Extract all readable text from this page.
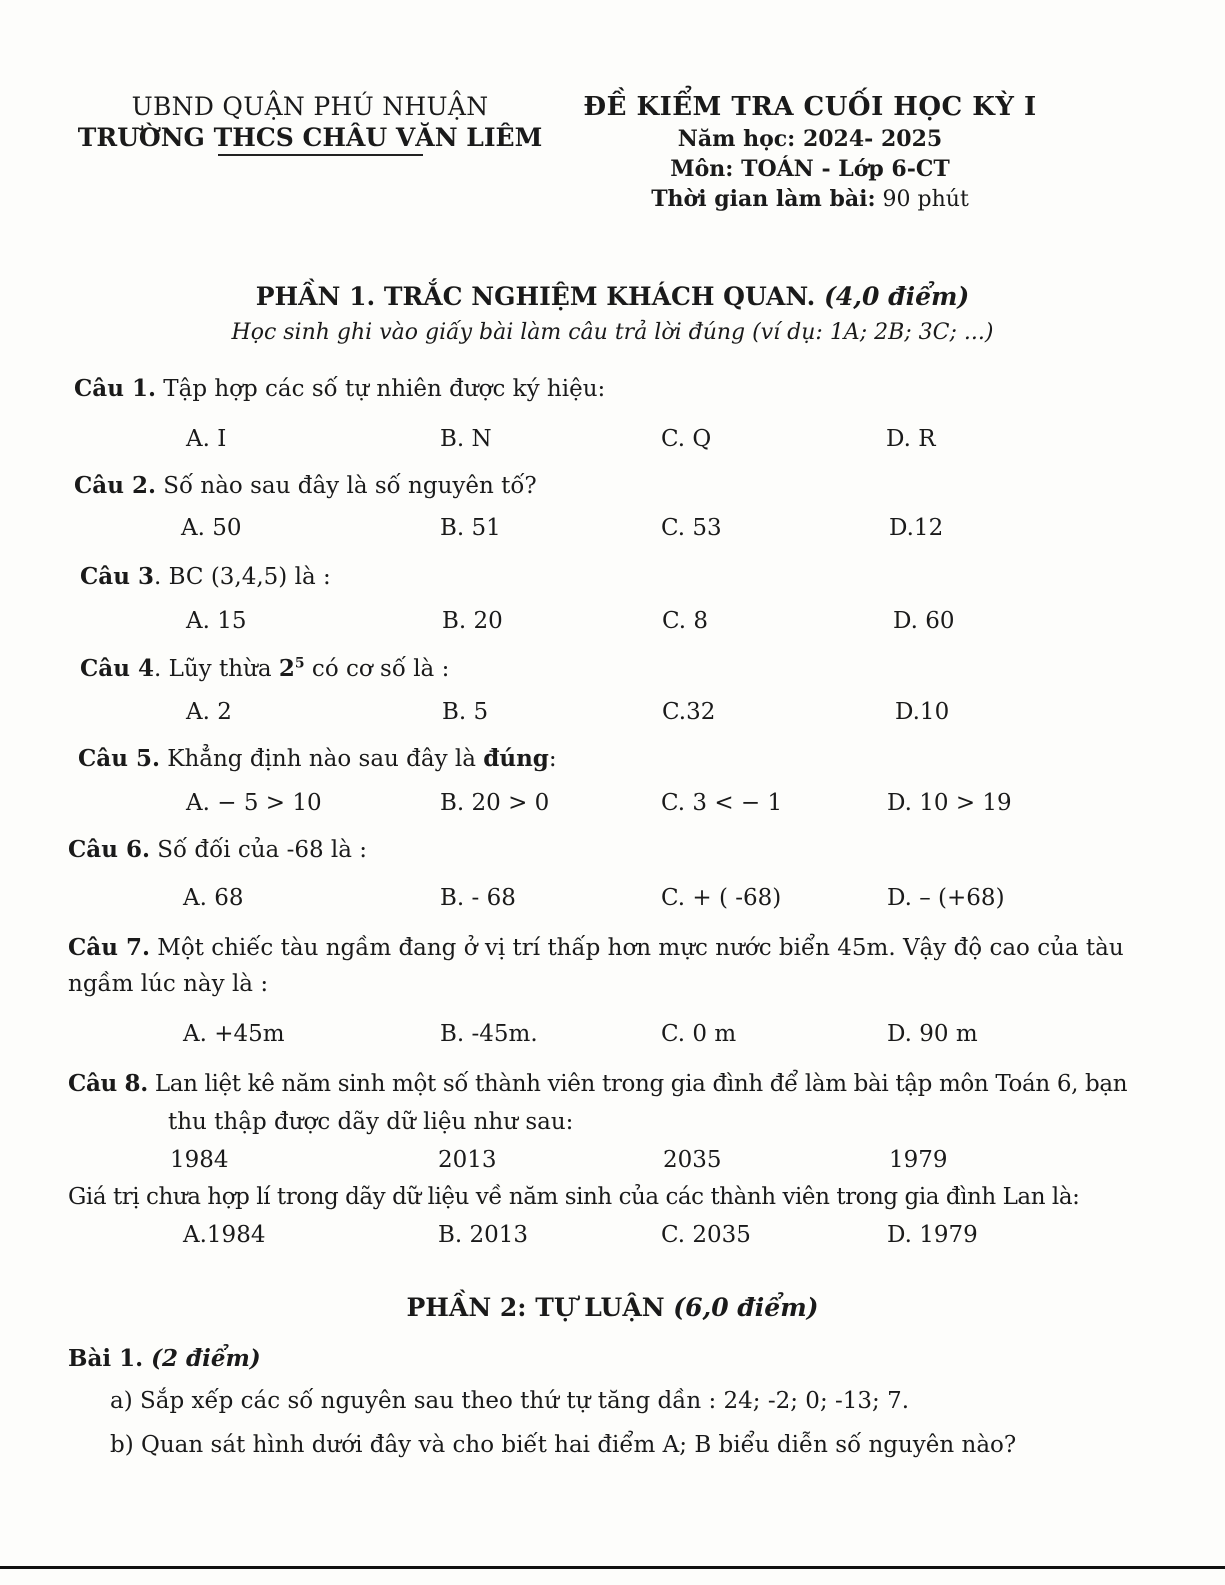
UBND QUẬN PHÚ NHUẬN
TRƯỜNG THCS CHÂU VĂN LIÊM
ĐỀ KIỂM TRA CUỐI HỌC KỲ I
Năm học: 2024- 2025
Môn: TOÁN - Lớp 6-CT
Thời gian làm bài: 90 phút
PHẦN 1. TRẮC NGHIỆM KHÁCH QUAN. (4,0 điểm)
Học sinh ghi vào giấy bài làm câu trả lời đúng (ví dụ: 1A; 2B; 3C; ...)
Câu 1. Tập hợp các số tự nhiên được ký hiệu:
A. I	B. N	C. Q	D. R
Câu 2. Số nào sau đây là số nguyên tố?
A. 50	B. 51	C. 53	D.12
Câu 3. BC (3,4,5) là :
A. 15	B. 20	C. 8	D. 60
Câu 4. Lũy thừa $2^5$ có cơ số là :
A. 2	B. 5	C.32	D.10
Câu 5. Khẳng định nào sau đây là đúng:
A. − 5 > 10	B. 20 > 0	C. 3 < − 1	D. 10 > 19
Câu 6. Số đối của -68 là :
A. 68	B. - 68	C. + ( -68)	D. – (+68)
Câu 7. Một chiếc tàu ngầm đang ở vị trí thấp hơn mực nước biển 45m. Vậy độ cao của tàu
ngầm lúc này là :
A. +45m	B. -45m.	C. 0 m	D. 90 m
Câu 8. Lan liệt kê năm sinh một số thành viên trong gia đình để làm bài tập môn Toán 6, bạn
thu thập được dãy dữ liệu như sau:
1984	2013	2035	1979
Giá trị chưa hợp lí trong dãy dữ liệu về năm sinh của các thành viên trong gia đình Lan là:
A.1984	B. 2013	C. 2035	D. 1979
PHẦN 2: TỰ LUẬN (6,0 điểm)
Bài 1. (2 điểm)
a) Sắp xếp các số nguyên sau theo thứ tự tăng dần : 24; -2; 0; -13; 7.
b) Quan sát hình dưới đây và cho biết hai điểm A; B biểu diễn số nguyên nào?
